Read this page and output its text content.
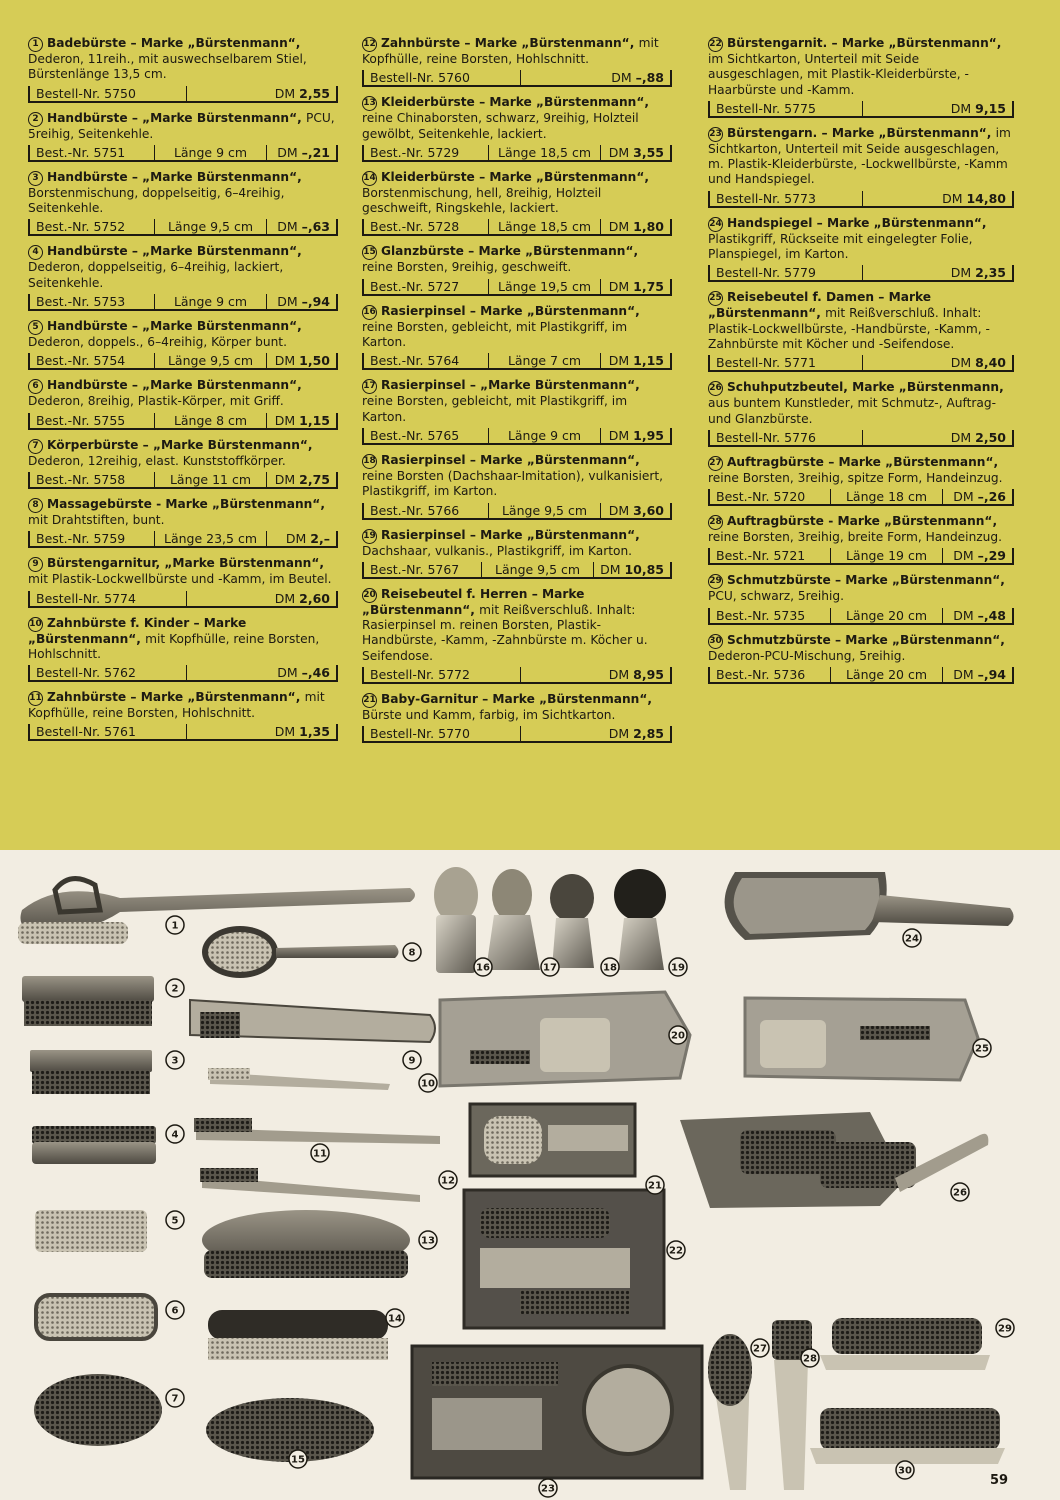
1 Badebürste – Marke „Bürstenmann“, Dederon, 11reih., mit auswechselbarem Stiel, Bürstenlänge 13,5 cm.
Bestell-Nr. 5750	DM 2,55
2 Handbürste – „Marke Bürstenmann“, PCU, 5reihig, Seitenkehle.
Best.-Nr. 5751	Länge 9 cm	DM –,21
3 Handbürste – „Marke Bürstenmann“, Borstenmischung, doppelseitig, 6–4reihig, Seitenkehle.
Best.-Nr. 5752	Länge 9,5 cm	DM –,63
4 Handbürste – „Marke Bürstenmann“, Dederon, doppelseitig, 6–4reihig, lackiert, Seitenkehle.
Best.-Nr. 5753	Länge 9 cm	DM –,94
5 Handbürste – „Marke Bürstenmann“, Dederon, doppels., 6–4reihig, Körper bunt.
Best.-Nr. 5754	Länge 9,5 cm	DM 1,50
6 Handbürste – „Marke Bürstenmann“, Dederon, 8reihig, Plastik-Körper, mit Griff.
Best.-Nr. 5755	Länge 8 cm	DM 1,15
7 Körperbürste – „Marke Bürstenmann“, Dederon, 12reihig, elast. Kunststoffkörper.
Best.-Nr. 5758	Länge 11 cm	DM 2,75
8 Massagebürste - Marke „Bürstenmann“, mit Drahtstiften, bunt.
Best.-Nr. 5759	Länge 23,5 cm	DM 2,–
9 Bürstengarnitur, „Marke Bürstenmann“, mit Plastik-Lockwellbürste und -Kamm, im Beutel.
Bestell-Nr. 5774	DM 2,60
10 Zahnbürste f. Kinder – Marke „Bürstenmann“, mit Kopfhülle, reine Borsten, Hohlschnitt.
Bestell-Nr. 5762	DM –,46
11 Zahnbürste – Marke „Bürstenmann“, mit Kopfhülle, reine Borsten, Hohlschnitt.
Bestell-Nr. 5761	DM 1,35
12 Zahnbürste – Marke „Bürstenmann“, mit Kopfhülle, reine Borsten, Hohlschnitt.
Bestell-Nr. 5760	DM –,88
13 Kleiderbürste – Marke „Bürstenmann“, reine Chinaborsten, schwarz, 9reihig, Holzteil gewölbt, Seitenkehle, lackiert.
Best.-Nr. 5729	Länge 18,5 cm	DM 3,55
14 Kleiderbürste – Marke „Bürstenmann“, Borstenmischung, hell, 8reihig, Holzteil geschweift, Ringskehle, lackiert.
Best.-Nr. 5728	Länge 18,5 cm	DM 1,80
15 Glanzbürste – Marke „Bürstenmann“, reine Borsten, 9reihig, geschweift.
Best.-Nr. 5727	Länge 19,5 cm	DM 1,75
16 Rasierpinsel – Marke „Bürstenmann“, reine Borsten, gebleicht, mit Plastikgriff, im Karton.
Best.-Nr. 5764	Länge 7 cm	DM 1,15
17 Rasierpinsel – „Marke Bürstenmann“, reine Borsten, gebleicht, mit Plastikgriff, im Karton.
Best.-Nr. 5765	Länge 9 cm	DM 1,95
18 Rasierpinsel – Marke „Bürstenmann“, reine Borsten (Dachshaar-Imitation), vulkanisiert, Plastikgriff, im Karton.
Best.-Nr. 5766	Länge 9,5 cm	DM 3,60
19 Rasierpinsel – Marke „Bürstenmann“, Dachshaar, vulkanis., Plastikgriff, im Karton.
Best.-Nr. 5767	Länge 9,5 cm	DM 10,85
20 Reisebeutel f. Herren – Marke „Bürstenmann“, mit Reißverschluß. Inhalt: Rasierpinsel m. reinen Borsten, Plastik-Handbürste, -Kamm, -Zahnbürste m. Köcher u. Seifendose.
Bestell-Nr. 5772	DM 8,95
21 Baby-Garnitur – Marke „Bürstenmann“, Bürste und Kamm, farbig, im Sichtkarton.
Bestell-Nr. 5770	DM 2,85
22 Bürstengarnit. – Marke „Bürstenmann“, im Sichtkarton, Unterteil mit Seide ausgeschlagen, mit Plastik-Kleiderbürste, -Haarbürste und -Kamm.
Bestell-Nr. 5775	DM 9,15
23 Bürstengarn. – Marke „Bürstenmann“, im Sichtkarton, Unterteil mit Seide ausgeschlagen, m. Plastik-Kleiderbürste, -Lockwellbürste, -Kamm und Handspiegel.
Bestell-Nr. 5773	DM 14,80
24 Handspiegel – Marke „Bürstenmann“, Plastikgriff, Rückseite mit eingelegter Folie, Planspiegel, im Karton.
Bestell-Nr. 5779	DM 2,35
25 Reisebeutel f. Damen – Marke „Bürstenmann“, mit Reißverschluß. Inhalt: Plastik-Lockwellbürste, -Handbürste, -Kamm, -Zahnbürste mit Köcher und -Seifendose.
Bestell-Nr. 5771	DM 8,40
26 Schuhputzbeutel, Marke „Bürstenmann, aus buntem Kunstleder, mit Schmutz-, Auftrag- und Glanzbürste.
Bestell-Nr. 5776	DM 2,50
27 Auftragbürste – Marke „Bürstenmann“, reine Borsten, 3reihig, spitze Form, Handeinzug.
Best.-Nr. 5720	Länge 18 cm	DM –,26
28 Auftragbürste - Marke „Bürstenmann“, reine Borsten, 3reihig, breite Form, Handeinzug.
Best.-Nr. 5721	Länge 19 cm	DM –,29
29 Schmutzbürste – Marke „Bürstenmann“, PCU, schwarz, 5reihig.
Best.-Nr. 5735	Länge 20 cm	DM –,48
30 Schmutzbürste – Marke „Bürstenmann“, Dederon-PCU-Mischung, 5reihig.
Best.-Nr. 5736	Länge 20 cm	DM –,94
1
2
3
4
5
6
7
8
9
10
11
12
13
14
15
16	17	18	19
20
21
22
23
24
25
26
27
28
29
30
59
